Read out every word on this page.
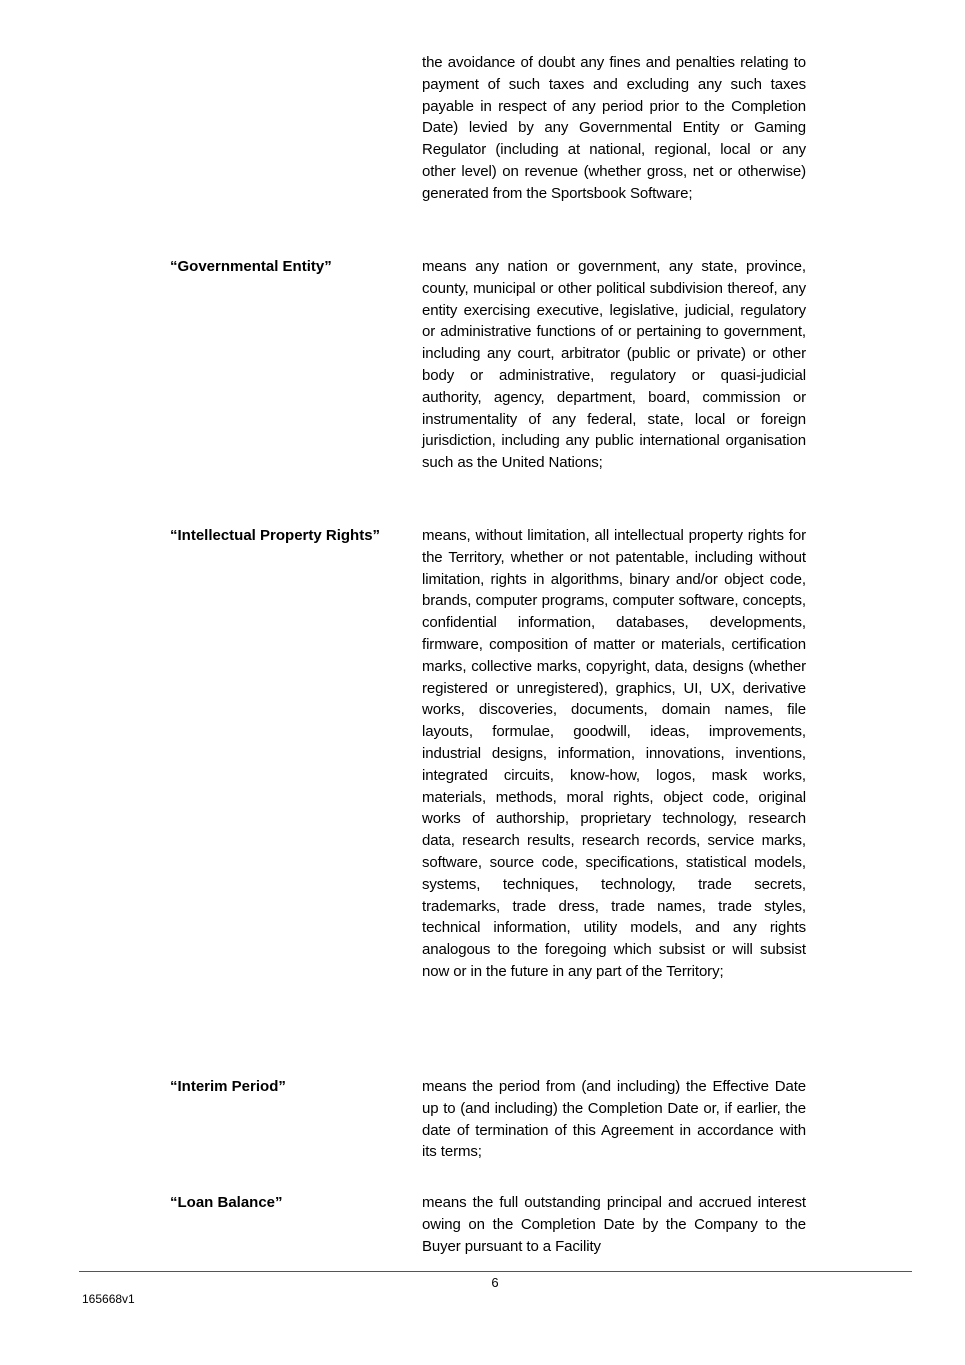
the avoidance of doubt any fines and penalties relating to payment of such taxes and excluding any such taxes payable in respect of any period prior to the Completion Date) levied by any Governmental Entity or Gaming Regulator (including at national, regional, local or any other level) on revenue (whether gross, net or otherwise) generated from the Sportsbook Software;
“Governmental Entity”	means any nation or government, any state, province, county, municipal or other political subdivision thereof, any entity exercising executive, legislative, judicial, regulatory or administrative functions of or pertaining to government, including any court, arbitrator (public or private) or other body or administrative, regulatory or quasi-judicial authority, agency, department, board, commission or instrumentality of any federal, state, local or foreign jurisdiction, including any public international organisation such as the United Nations;
“Intellectual Property Rights”	means, without limitation, all intellectual property rights for the Territory, whether or not patentable, including without limitation, rights in algorithms, binary and/or object code, brands, computer programs, computer software, concepts, confidential information, databases, developments, firmware, composition of matter or materials, certification marks, collective marks, copyright, data, designs (whether registered or unregistered), graphics, UI, UX, derivative works, discoveries, documents, domain names, file layouts, formulae, goodwill, ideas, improvements, industrial designs, information, innovations, inventions, integrated circuits, know-how, logos, mask works, materials, methods, moral rights, object code, original works of authorship, proprietary technology, research data, research results, research records, service marks, software, source code, specifications, statistical models, systems, techniques, technology, trade secrets, trademarks, trade dress, trade names, trade styles, technical information, utility models, and any rights analogous to the foregoing which subsist or will subsist now or in the future in any part of the Territory;
“Interim Period”	means the period from (and including) the Effective Date up to (and including) the Completion Date or, if earlier, the date of termination of this Agreement in accordance with its terms;
“Loan Balance”	means the full outstanding principal and accrued interest owing on the Completion Date by the Company to the Buyer pursuant to a Facility
6
165668v1
